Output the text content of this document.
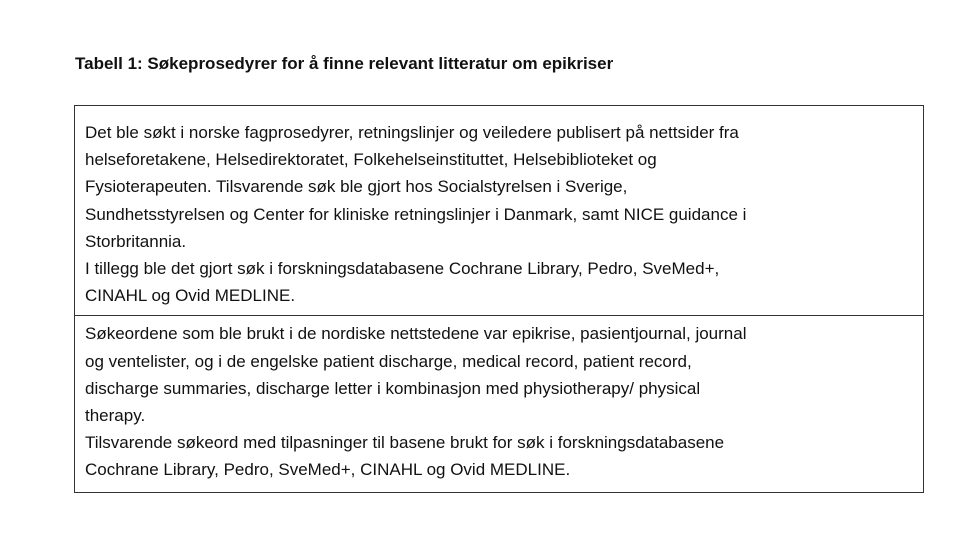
Tabell 1: Søkeprosedyrer for å finne relevant litteratur om epikriser
Det ble søkt i norske fagprosedyrer, retningslinjer og veiledere publisert på nettsider fra
helseforetakene, Helsedirektoratet, Folkehelseinstituttet, Helsebiblioteket og
Fysioterapeuten. Tilsvarende søk ble gjort hos Socialstyrelsen i Sverige,
Sundhetsstyrelsen og Center for kliniske retningslinjer i Danmark, samt NICE guidance i
Storbritannia.
I tillegg ble det gjort søk i forskningsdatabasene Cochrane Library, Pedro, SveMed+,
CINAHL og Ovid MEDLINE.
Søkeordene som ble brukt i de nordiske nettstedene var epikrise, pasientjournal, journal
og ventelister, og i de engelske patient discharge, medical record, patient record,
discharge summaries, discharge letter i kombinasjon med physiotherapy/ physical
therapy.
Tilsvarende søkeord med tilpasninger til basene brukt for søk i forskningsdatabasene
Cochrane Library, Pedro, SveMed+, CINAHL og Ovid MEDLINE.
